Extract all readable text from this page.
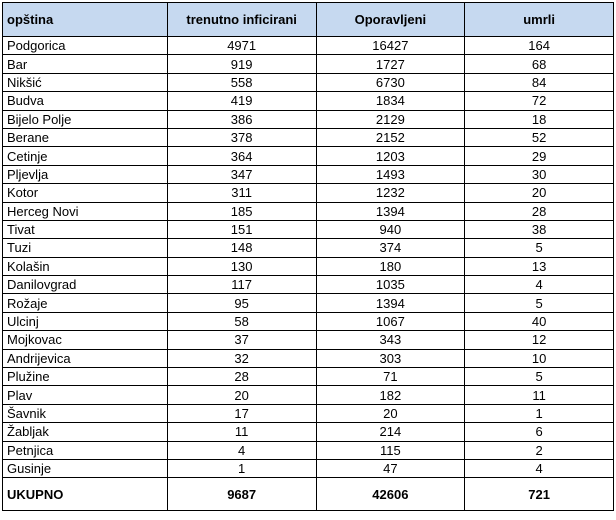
opština	trenutno inficirani	Oporavljeni	umrli
Podgorica	4971	16427	164
Bar	919	1727	68
Nikšić	558	6730	84
Budva	419	1834	72
Bijelo Polje	386	2129	18
Berane	378	2152	52
Cetinje	364	1203	29
Pljevlja	347	1493	30
Kotor	311	1232	20
Herceg Novi	185	1394	28
Tivat	151	940	38
Tuzi	148	374	5
Kolašin	130	180	13
Danilovgrad	117	1035	4
Rožaje	95	1394	5
Ulcinj	58	1067	40
Mojkovac	37	343	12
Andrijevica	32	303	10
Plužine	28	71	5
Plav	20	182	11
Šavnik	17	20	1
Žabljak	11	214	6
Petnjica	4	115	2
Gusinje	1	47	4
UKUPNO	9687	42606	721
